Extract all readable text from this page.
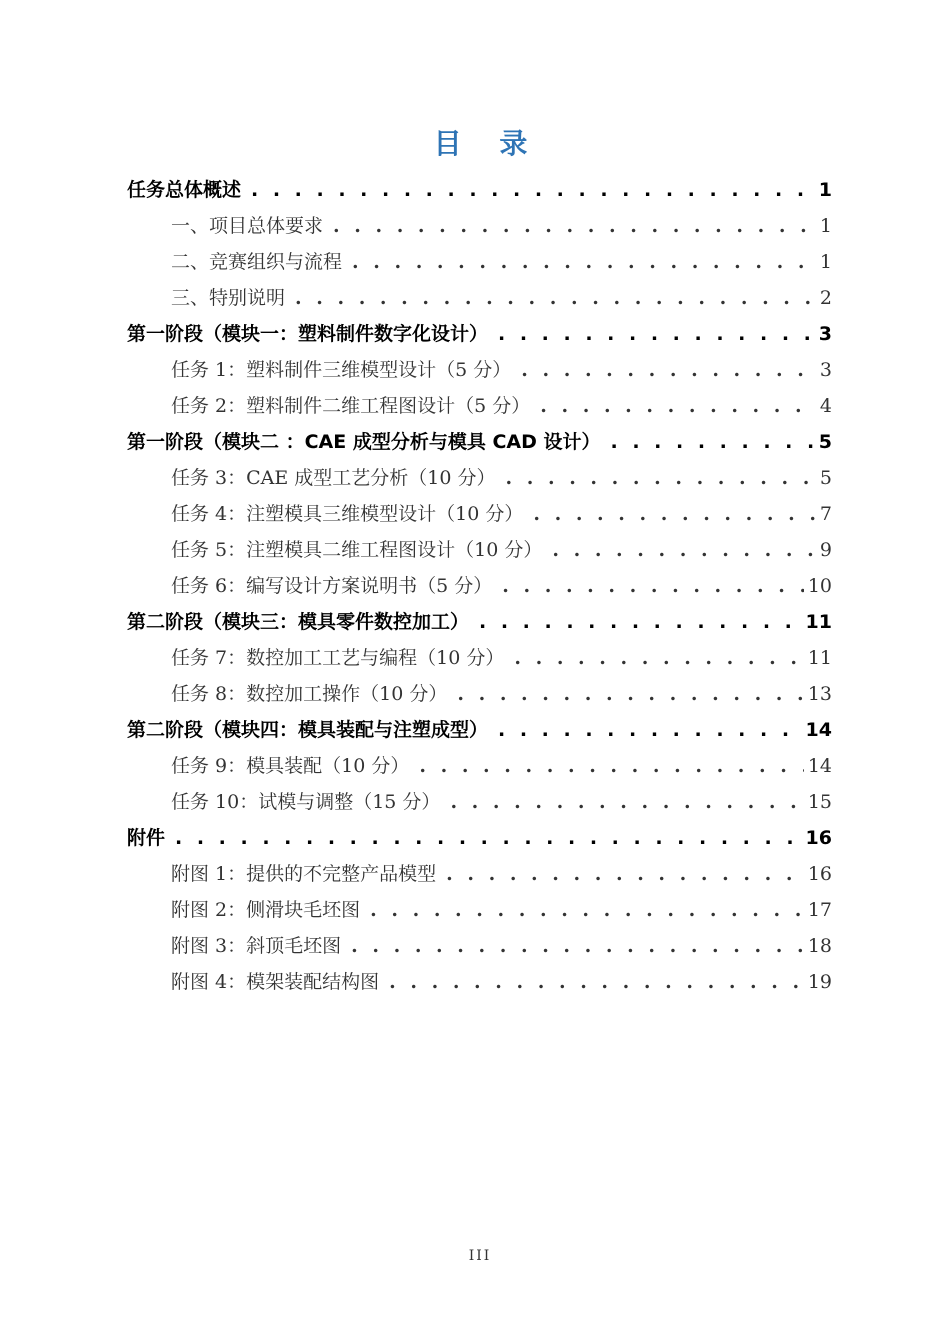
目 录
任务总体概述 . . .	1
一、项目总体要求 . . .	1
二、竞赛组织与流程 . . .	1
三、特别说明 . . .	2
第一阶段（模块一：塑料制件数字化设计） . . .	3
任务 1：塑料制件三维模型设计（5 分） . . .	3
任务 2：塑料制件二维工程图设计（5 分） . . .	4
第一阶段（模块二 ：CAE 成型分析与模具 CAD 设计） . . .	5
任务 3：CAE 成型工艺分析（10 分） . . .	5
任务 4：注塑模具三维模型设计（10 分） . . .	7
任务 5：注塑模具二维工程图设计（10 分） . . .	9
任务 6：编写设计方案说明书（5 分） . . .	10
第二阶段（模块三：模具零件数控加工） . . .	11
任务 7：数控加工工艺与编程（10 分） . . .	11
任务 8：数控加工操作（10 分） . . .	13
第二阶段（模块四：模具装配与注塑成型） . . .	14
任务 9：模具装配（10 分） . . .	14
任务 10：试模与调整（15 分） . . .	15
附件 . . .	16
附图 1：提供的不完整产品模型 . . .	16
附图 2：侧滑块毛坯图 . . .	17
附图 3：斜顶毛坯图 . . .	18
附图 4：模架装配结构图 . . .	19
III
